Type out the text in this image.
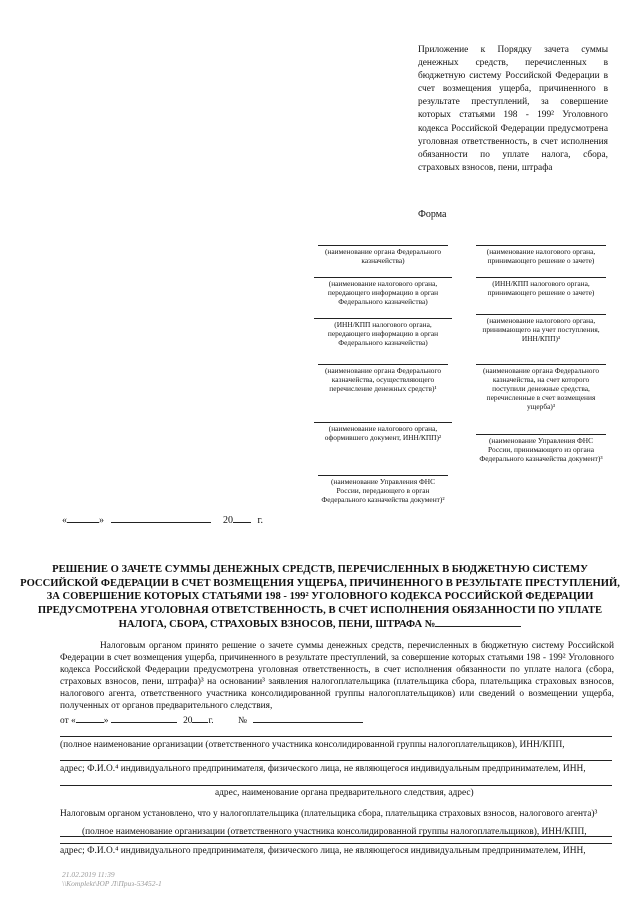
Приложение к Порядку зачета суммы денежных средств, перечисленных в бюджетную систему Российской Федерации в счет возмещения ущерба, причиненного в результате преступлений, за совершение которых статьями 198 - 199² Уголовного кодекса Российской Федерации предусмотрена уголовная ответственность, в счет исполнения обязанности по уплате налога, сбора, страховых взносов, пени, штрафа
Форма
(наименование органа Федерального казначейства)
(наименование налогового органа, передающего информацию в орган Федерального казначейства)
(ИНН/КПП налогового органа, передающего информацию в орган Федерального казначейства)
(наименование органа Федерального казначейства, осуществляющего перечисление денежных средств)¹
(наименование налогового органа, оформившего документ, ИНН/КПП)²
(наименование Управления ФНС России, передающего в орган Федерального казначейства документ)²
(наименование налогового органа, принимающего решение о зачете)
(ИНН/КПП налогового органа, принимающего решение о зачете)
(наименование налогового органа, принимающего на учет поступления, ИНН/КПП)³
(наименование органа Федерального казначейства, на счет которого поступили денежные средства, перечисленные в счет возмещения ущерба)³
(наименование Управления ФНС России, принимающего из органа Федерального казначейства документ)³
«	»	20 г.
РЕШЕНИЕ О ЗАЧЕТЕ СУММЫ ДЕНЕЖНЫХ СРЕДСТВ, ПЕРЕЧИСЛЕННЫХ В БЮДЖЕТНУЮ СИСТЕМУ РОССИЙСКОЙ ФЕДЕРАЦИИ В СЧЕТ ВОЗМЕЩЕНИЯ УЩЕРБА, ПРИЧИНЕННОГО В РЕЗУЛЬТАТЕ ПРЕСТУПЛЕНИЙ, ЗА СОВЕРШЕНИЕ КОТОРЫХ СТАТЬЯМИ 198 - 199² УГОЛОВНОГО КОДЕКСА РОССИЙСКОЙ ФЕДЕРАЦИИ ПРЕДУСМОТРЕНА УГОЛОВНАЯ ОТВЕТСТВЕННОСТЬ, В СЧЕТ ИСПОЛНЕНИЯ ОБЯЗАННОСТИ ПО УПЛАТЕ НАЛОГА, СБОРА, СТРАХОВЫХ ВЗНОСОВ, ПЕНИ, ШТРАФА №
Налоговым органом принято решение о зачете суммы денежных средств, перечисленных в бюджетную систему Российской Федерации в счет возмещения ущерба, причиненного в результате преступлений, за совершение которых статьями 198 - 199² Уголовного кодекса Российской Федерации предусмотрена уголовная ответственность, в счет исполнения обязанности по уплате налога (сбора, страховых взносов, пени, штрафа)³ на основании³ заявления налогоплательщика (плательщика сбора, плательщика страховых взносов, налогового агента, ответственного участника консолидированной группы налогоплательщиков) или сведений о возмещении ущерба, полученных от органов предварительного следствия,
от «	»	20 г.	№
(полное наименование организации (ответственного участника консолидированной группы налогоплательщиков), ИНН/КПП,
адрес; Ф.И.О.⁴ индивидуального предпринимателя, физического лица, не являющегося индивидуальным предпринимателем, ИНН,
адрес, наименование органа предварительного следствия, адрес)
Налоговым органом установлено, что у налогоплательщика (плательщика сбора, плательщика страховых взносов, налогового агента)³
(полное наименование организации (ответственного участника консолидированной группы налогоплательщиков), ИНН/КПП,
адрес; Ф.И.О.⁴ индивидуального предпринимателя, физического лица, не являющегося индивидуальным предпринимателем, ИНН,
21.02.2019 11:39
\\Komplekt\ЮР Л\Приз-53452-1
